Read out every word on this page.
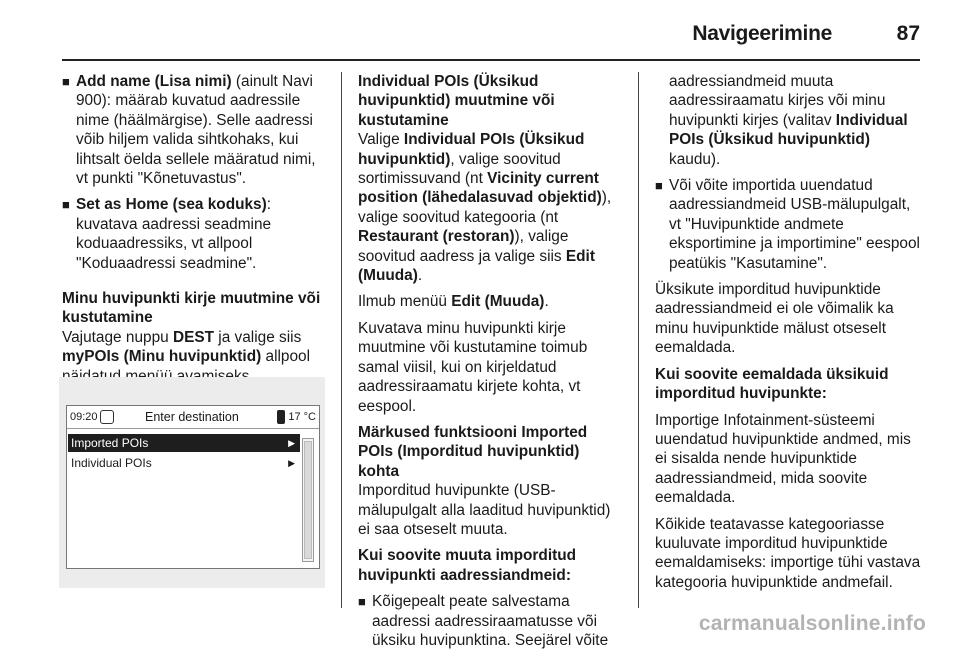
Navigeerimine	87
■ Add name (Lisa nimi) (ainult Navi 900): määrab kuvatud aadressile nime (häälmärgise). Selle aadressi võib hiljem valida sihtkohaks, kui lihtsalt öelda sellele määratud nimi, vt punkti "Kõnetuvastus".
■ Set as Home (sea koduks): kuvatava aadressi seadmine koduaadressiks, vt allpool "Koduaadressi seadmine".

Minu huvipunkti kirje muutmine või kustutamine

Vajutage nuppu DEST ja valige siis myPOIs (Minu huvipunktid) allpool

09:20	Enter destination	17 °C
Imported POIs	▶
Individual POIs	▶

Individual POIs (Üksikud huvipunktid) muutmine või kustutamine

Valige Individual POIs (Üksikud huvipunktid), valige soovitud sortimissuvand (nt Vicinity current position (lähedalasuvad objektid)), valige soovitud kategooria (nt Restaurant (restoran)), valige soovitud aadress ja valige siis Edit (Muuda).

Ilmub menüü Edit (Muuda).

Kuvatava minu huvipunkti kirje muutmine või kustutamine toimub samal viisil, kui on kirjeldatud aadressiraamatu kirjete kohta, vt eespool.

Märkused funktsiooni Imported POIs (Imporditud huvipunktid) kohta

Imporditud huvipunkte (USB-mälupulgalt alla laaditud huvipunktid) ei saa otseselt muuta.

Kui soovite muuta imporditud huvipunkti aadressiandmeid:

■ Kõigepealt peate salvestama aadressi aadressiraamatusse või üksiku huvipunktina. Seejärel võite

aadressiandmeid muuta aadressiraamatu kirjes või minu huvipunkti kirjes (valitav Individual POIs (Üksikud huvipunktid) kaudu).

■ Või võite importida uuendatud aadressiandmeid USB-mälupulgalt, vt "Huvipunktide andmete eksportimine ja importimine" eespool peatükis "Kasutamine".

Üksikute imporditud huvipunktide aadressiandmeid ei ole võimalik ka minu huvipunktide mälust otseselt eemaldada.

Kui soovite eemaldada üksikuid imporditud huvipunkte:

Importige Infotainment-süsteemi uuendatud huvipunktide andmed, mis ei sisalda nende huvipunktide aadressiandmeid, mida soovite eemaldada.

Kõikide teatavasse kategooriasse kuuluvate imporditud huvipunktide eemaldamiseks: importige tühi vastava kategooria huvipunktide andmefail.

carmanualsonline.info
